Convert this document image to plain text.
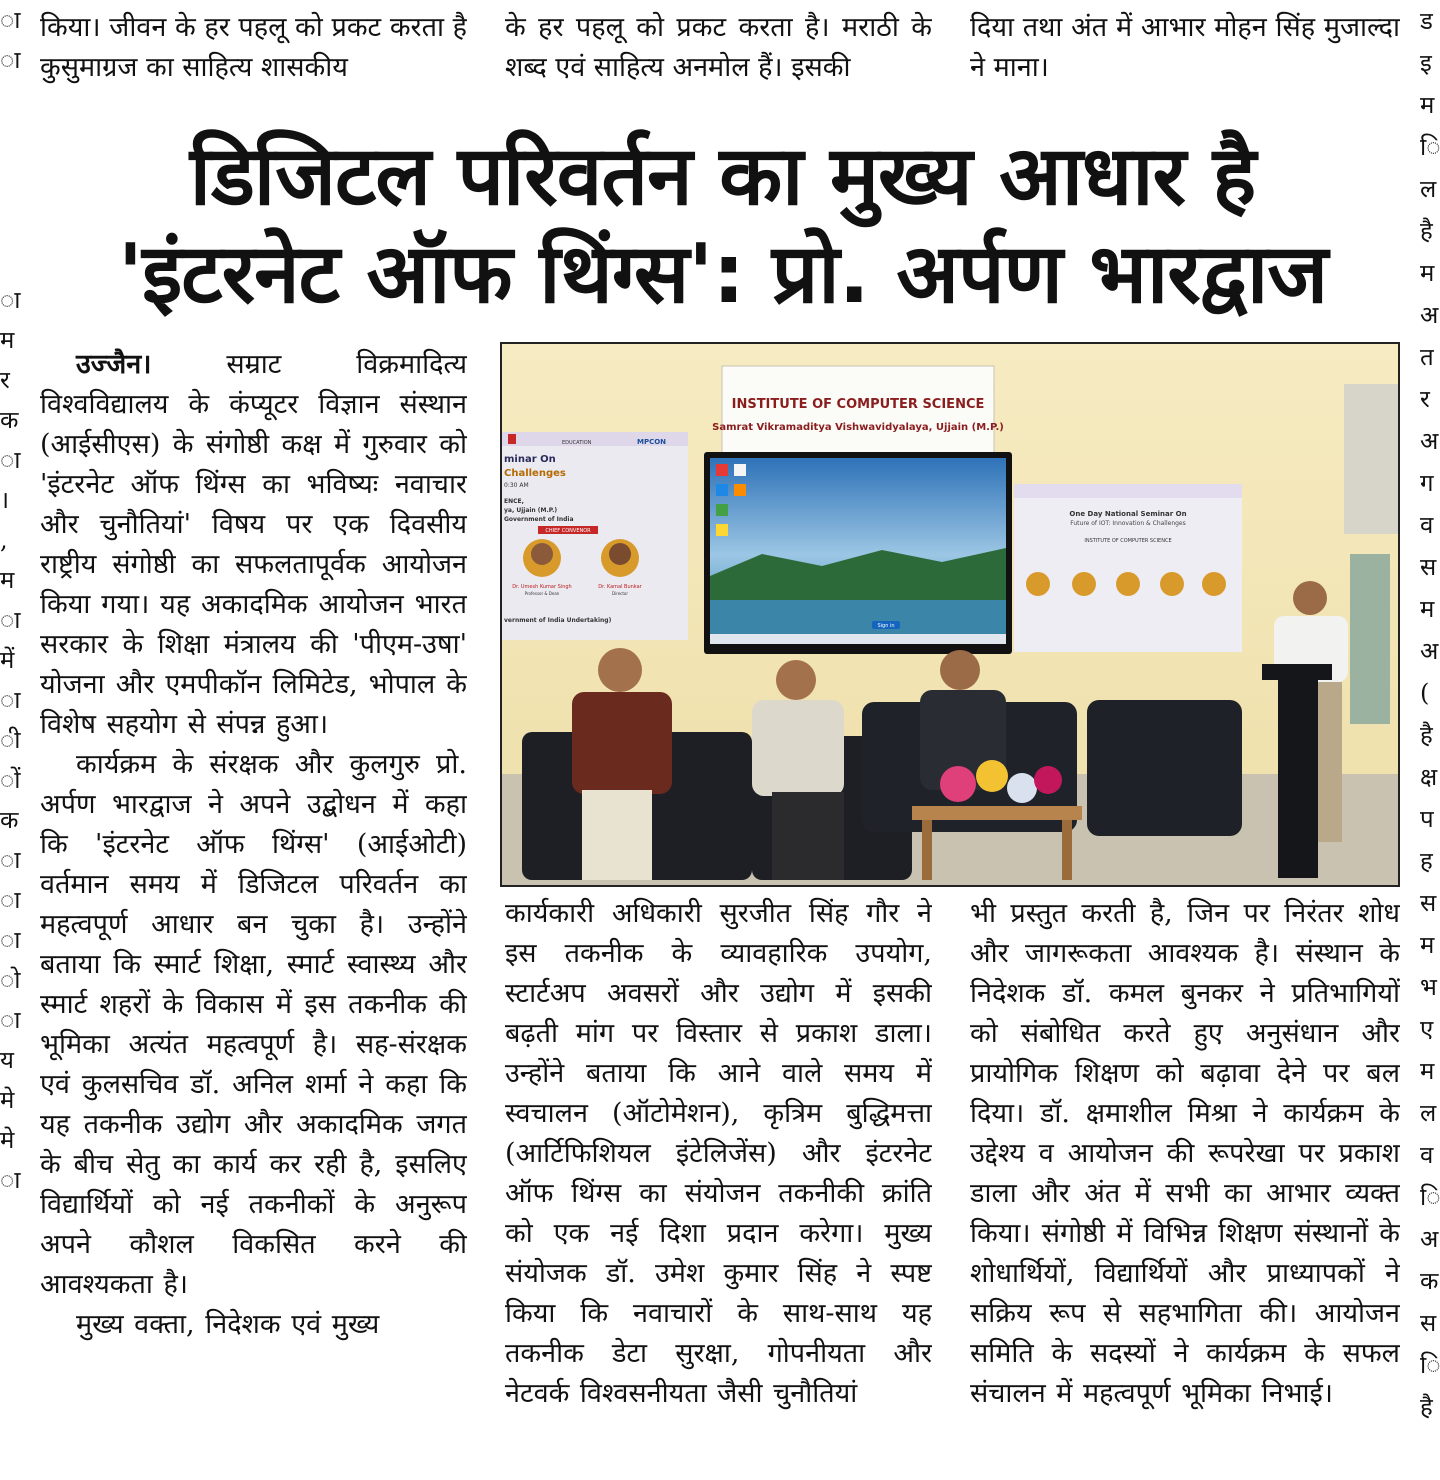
ा
ा

ा
म
र
क
ा
।
,
म
ा
में
ा
ी
ों
क
ा
ा
ा
ो
ा
य
मे
मे
ा
ड
इ
म
ि
ल
है
म
अ
त
र
अ
ग
व
स
म
अ
(
है
क्ष
प
ह
स
म
भ
ए
म
ल
व
ि
अ
क
स
ि
है
किया। जीवन के हर पहलू को प्रकट करता है कुसुमाग्रज का साहित्य शासकीय
के हर पहलू को प्रकट करता है। मराठी के शब्द एवं साहित्य अनमोल हैं। इसकी
दिया तथा अंत में आभार मोहन सिंह मुजाल्दा ने माना।
डिजिटल परिवर्तन का मुख्य आधार है
'इंटरनेट ऑफ थिंग्स': प्रो. अर्पण भारद्वाज

उज्जैन।	सम्राट विक्रमादित्य विश्वविद्यालय के कंप्यूटर विज्ञान संस्थान (आईसीएस) के संगोष्ठी कक्ष में गुरुवार को 'इंटरनेट ऑफ थिंग्स का भविष्यः नवाचार और चुनौतियां' विषय पर एक दिवसीय राष्ट्रीय संगोष्ठी का सफलतापूर्वक आयोजन किया गया। यह अकादमिक आयोजन भारत सरकार के शिक्षा मंत्रालय की 'पीएम-उषा' योजना और एमपीकॉन लिमिटेड, भोपाल के विशेष सहयोग से संपन्न हुआ।

कार्यक्रम के संरक्षक और कुलगुरु प्रो. अर्पण भारद्वाज ने अपने उद्बोधन में कहा कि 'इंटरनेट ऑफ थिंग्स' (आईओटी) वर्तमान समय में डिजिटल परिवर्तन का महत्वपूर्ण आधार बन चुका है। उन्होंने बताया कि स्मार्ट शिक्षा, स्मार्ट स्वास्थ्य और स्मार्ट शहरों के विकास में इस तकनीक की भूमिका अत्यंत महत्वपूर्ण है। सह-संरक्षक एवं कुलसचिव डॉ. अनिल शर्मा ने कहा कि यह तकनीक उद्योग और अकादमिक जगत के बीच सेतु का कार्य कर रही है, इसलिए विद्यार्थियों को नई तकनीकों के अनुरूप अपने कौशल विकसित करने की आवश्यकता है।

मुख्य वक्ता, निदेशक एवं मुख्य

INSTITUTE OF COMPUTER SCIENCE
Samrat Vikramaditya Vishwavidyalaya, Ujjain (M.P.)
EDUCATION	MPCON
minar On
Challenges
0:30 AM
ENCE,
ya, Ujjain (M.P.)
Government of India
CHIEF CONVENOR
Dr. Umesh Kumar Singh
Professor & Dean
Dr. Kamal Bunkar
Director
vernment of India Undertaking)
Sign in
One Day National Seminar On
Future of IOT: Innovation & Challenges
INSTITUTE OF COMPUTER SCIENCE

कार्यकारी अधिकारी सुरजीत सिंह गौर ने इस तकनीक के व्यावहारिक उपयोग, स्टार्टअप अवसरों और उद्योग में इसकी बढ़ती मांग पर विस्तार से प्रकाश डाला। उन्होंने बताया कि आने वाले समय में स्वचालन (ऑटोमेशन), कृत्रिम बुद्धिमत्ता (आर्टिफिशियल इंटेलिजेंस) और इंटरनेट ऑफ थिंग्स का संयोजन तकनीकी क्रांति को एक नई दिशा प्रदान करेगा। मुख्य संयोजक डॉ. उमेश कुमार सिंह ने स्पष्ट किया कि नवाचारों के साथ-साथ यह तकनीक डेटा सुरक्षा, गोपनीयता और नेटवर्क विश्वसनीयता जैसी चुनौतियां

भी प्रस्तुत करती है, जिन पर निरंतर शोध और जागरूकता आवश्यक है। संस्थान के निदेशक डॉ. कमल बुनकर ने प्रतिभागियों को संबोधित करते हुए अनुसंधान और प्रायोगिक शिक्षण को बढ़ावा देने पर बल दिया। डॉ. क्षमाशील मिश्रा ने कार्यक्रम के उद्देश्य व आयोजन की रूपरेखा पर प्रकाश डाला और अंत में सभी का आभार व्यक्त किया। संगोष्ठी में विभिन्न शिक्षण संस्थानों के शोधार्थियों, विद्यार्थियों और प्राध्यापकों ने सक्रिय रूप से सहभागिता की। आयोजन समिति के सदस्यों ने कार्यक्रम के सफल संचालन में महत्वपूर्ण भूमिका निभाई।
